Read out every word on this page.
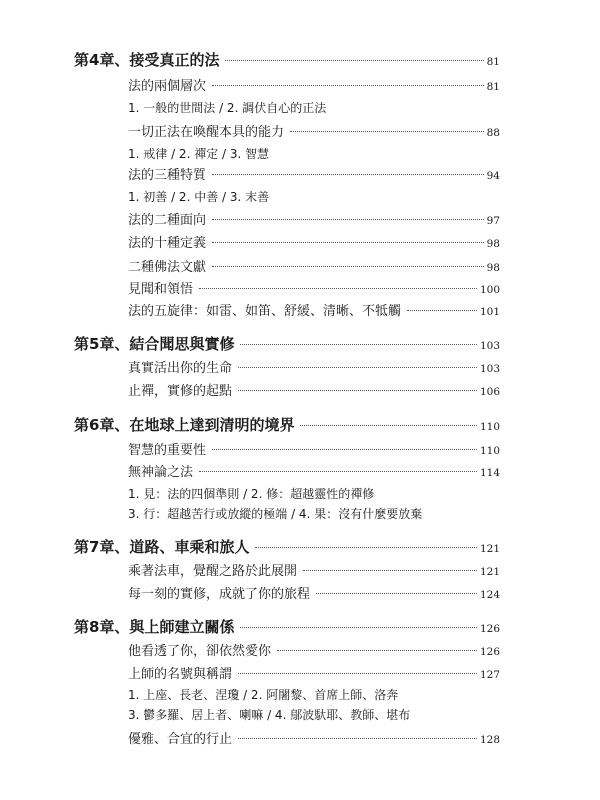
第4章、接受真正的法	81
法的兩個層次	81
1. 一般的世間法 / 2. 調伏自心的正法
一切正法在喚醒本具的能力	88
1. 戒律 / 2. 禪定 / 3. 智慧
法的三種特質	94
1. 初善 / 2. 中善 / 3. 末善
法的二種面向	97
法的十種定義	98
二種佛法文獻	98
見聞和領悟	100
法的五旋律：如雷、如笛、舒緩、清晰、不牴觸	101
第5章、結合聞思與實修	103
真實活出你的生命	103
止禪，實修的起點	106
第6章、在地球上達到清明的境界	110
智慧的重要性	110
無神論之法	114
1. 見：法的四個準則 / 2. 修：超越靈性的禪修
3. 行：超越苦行或放縱的極端 / 4. 果：沒有什麼要放棄
第7章、道路、車乘和旅人	121
乘著法車，覺醒之路於此展開	121
每一刻的實修，成就了你的旅程	124
第8章、與上師建立關係	126
他看透了你，卻依然愛你	126
上師的名號與稱謂	127
1. 上座、長老、涅瓊 / 2. 阿闍黎、首席上師、洛奔
3. 鬱多羅、居上者、喇嘛 / 4. 鄔波馱耶、教師、堪布
優雅、合宜的行止	128
